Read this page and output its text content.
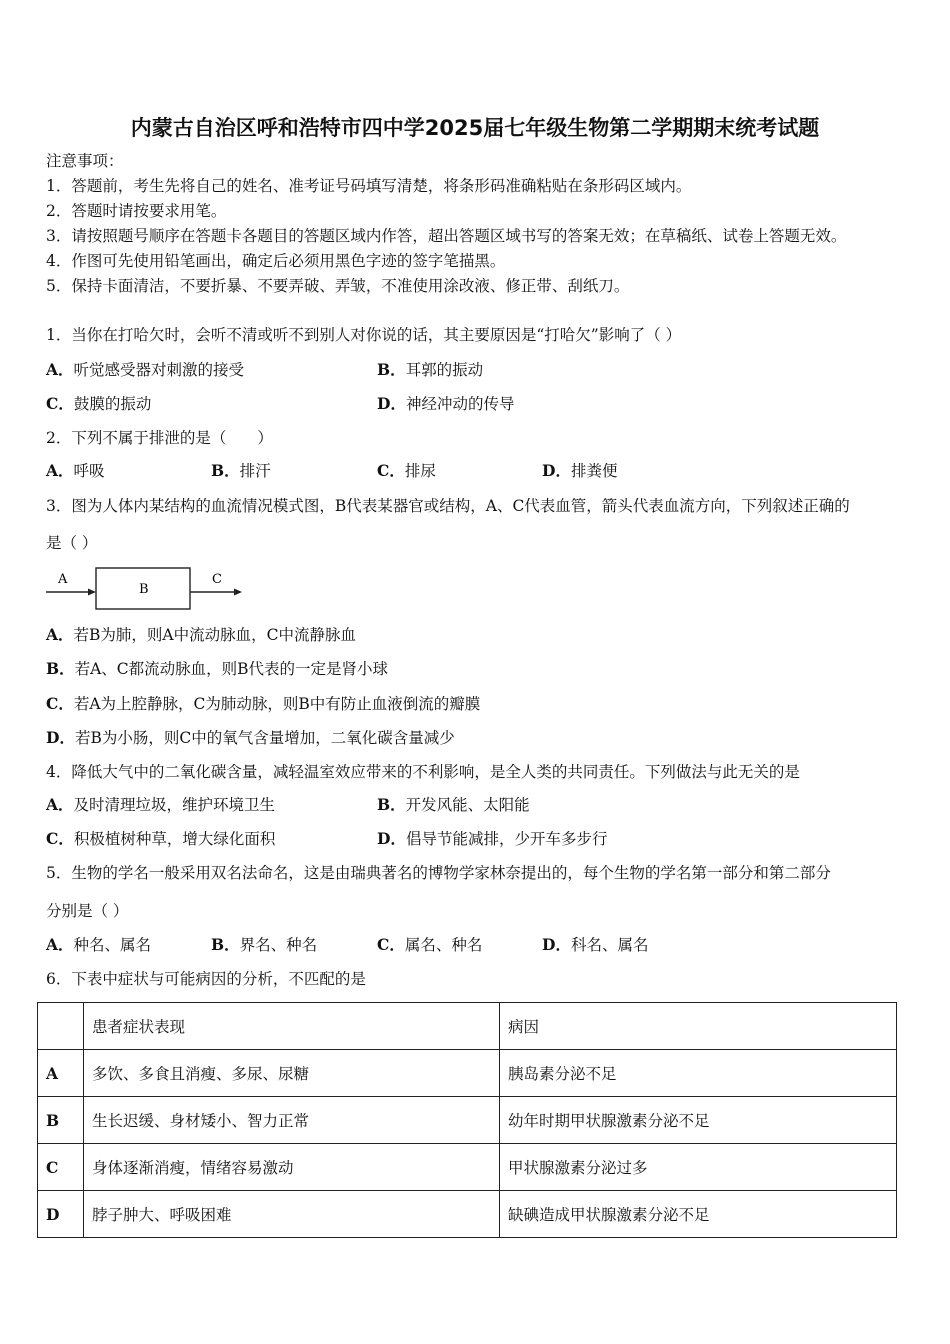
内蒙古自治区呼和浩特市四中学2025届七年级生物第二学期期末统考试题
注意事项：
1．答题前，考生先将自己的姓名、准考证号码填写清楚，将条形码准确粘贴在条形码区域内。
2．答题时请按要求用笔。
3．请按照题号顺序在答题卡各题目的答题区域内作答，超出答题区域书写的答案无效；在草稿纸、试卷上答题无效。
4．作图可先使用铅笔画出，确定后必须用黑色字迹的签字笔描黑。
5．保持卡面清洁，不要折暴、不要弄破、弄皱，不准使用涂改液、修正带、刮纸刀。
1．当你在打哈欠时，会听不清或听不到别人对你说的话，其主要原因是“打哈欠”影响了（ ）
A．听觉感受器对刺激的接受	B．耳郭的振动
C．鼓膜的振动	D．神经冲动的传导
2．下列不属于排泄的是（　　）
A．呼吸	B．排汗	C．排尿	D．排粪便
3．图为人体内某结构的血流情况模式图，B代表某器官或结构，A、C代表血管，箭头代表血流方向，下列叙述正确的
是（ ）
A
B
C
A．若B为肺，则A中流动脉血，C中流静脉血
B．若A、C都流动脉血，则B代表的一定是肾小球
C．若A为上腔静脉，C为肺动脉，则B中有防止血液倒流的瓣膜
D．若B为小肠，则C中的氧气含量增加，二氧化碳含量减少
4．降低大气中的二氧化碳含量，减轻温室效应带来的不利影响，是全人类的共同责任。下列做法与此无关的是
A．及时清理垃圾，维护环境卫生	B．开发风能、太阳能
C．积极植树种草，增大绿化面积	D．倡导节能减排，少开车多步行
5．生物的学名一般采用双名法命名，这是由瑞典著名的博物学家林奈提出的，每个生物的学名第一部分和第二部分
分别是（ ）
A．种名、属名	B．界名、种名	C．属名、种名	D．科名、属名
6．下表中症状与可能病因的分析，不匹配的是
	患者症状表现	病因
A	多饮、多食且消瘦、多尿、尿糖	胰岛素分泌不足
B	生长迟缓、身材矮小、智力正常	幼年时期甲状腺激素分泌不足
C	身体逐渐消瘦，情绪容易激动	甲状腺激素分泌过多
D	脖子肿大、呼吸困难	缺碘造成甲状腺激素分泌不足
